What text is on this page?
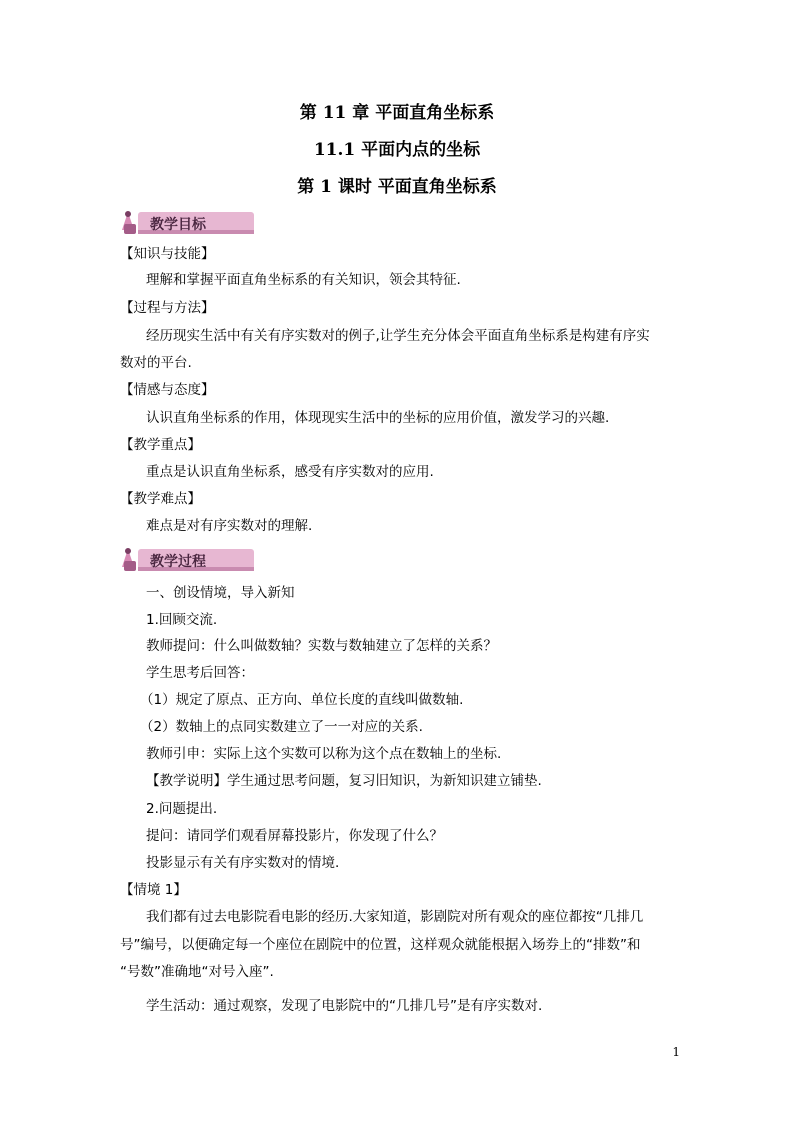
第 11 章 平面直角坐标系
11.1 平面内点的坐标
第 1 课时 平面直角坐标系
教学目标
【知识与技能】
理解和掌握平面直角坐标系的有关知识，领会其特征.
【过程与方法】
经历现实生活中有关有序实数对的例子,让学生充分体会平面直角坐标系是构建有序实
数对的平台.
【情感与态度】
认识直角坐标系的作用，体现现实生活中的坐标的应用价值，激发学习的兴趣.
【教学重点】
重点是认识直角坐标系，感受有序实数对的应用.
【教学难点】
难点是对有序实数对的理解.
教学过程
一、创设情境，导入新知
1.回顾交流.
教师提问：什么叫做数轴？实数与数轴建立了怎样的关系？
学生思考后回答：
（1）规定了原点、正方向、单位长度的直线叫做数轴.
（2）数轴上的点同实数建立了一一对应的关系.
教师引申：实际上这个实数可以称为这个点在数轴上的坐标.
【教学说明】学生通过思考问题，复习旧知识，为新知识建立铺垫.
2.问题提出.
提问：请同学们观看屏幕投影片，你发现了什么？
投影显示有关有序实数对的情境.
【情境 1】
我们都有过去电影院看电影的经历.大家知道，影剧院对所有观众的座位都按“几排几
号”编号，以便确定每一个座位在剧院中的位置，这样观众就能根据入场券上的“排数”和
“号数”准确地“对号入座”.
学生活动：通过观察，发现了电影院中的“几排几号”是有序实数对.
1
